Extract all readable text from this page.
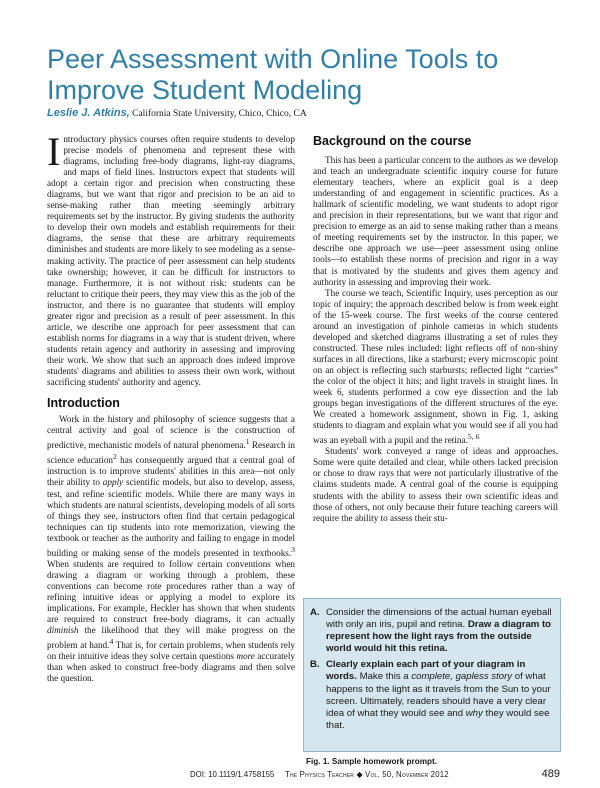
Peer Assessment with Online Tools to Improve Student Modeling
Leslie J. Atkins, California State University, Chico, Chico, CA

Introductory physics courses often require students to develop precise models of phenomena and represent these with diagrams, including free-body diagrams, light-ray diagrams, and maps of field lines. Instructors expect that students will adopt a certain rigor and precision when constructing these diagrams, but we want that rigor and precision to be an aid to sense-making rather than meeting seemingly arbitrary requirements set by the instructor. By giving students the authority to develop their own models and establish requirements for their diagrams, the sense that these are arbitrary requirements diminishes and students are more likely to see modeling as a sense-making activity. The practice of peer assessment can help students take ownership; however, it can be difficult for instructors to manage. Furthermore, it is not without risk: students can be reluctant to critique their peers, they may view this as the job of the instructor, and there is no guarantee that students will employ greater rigor and precision as a result of peer assessment. In this article, we describe one approach for peer assessment that can establish norms for diagrams in a way that is student driven, where students retain agency and authority in assessing and improving their work. We show that such an approach does indeed improve students' diagrams and abilities to assess their own work, without sacrificing students' authority and agency.

Introduction

Work in the history and philosophy of science suggests that a central activity and goal of science is the construction of predictive, mechanistic models of natural phenomena.$^1$ Research in science education$^2$ has consequently argued that a central goal of instruction is to improve students' abilities in this area—not only their ability to apply scientific models, but also to develop, assess, test, and refine scientific models. While there are many ways in which students are natural scientists, developing models of all sorts of things they see, instructors often find that certain pedagogical techniques can tip students into rote memorization, viewing the textbook or teacher as the authority and failing to engage in model building or making sense of the models presented in textbooks.$^3$ When students are required to follow certain conventions when drawing a diagram or working through a problem, these conventions can become rote procedures rather than a way of refining intuitive ideas or applying a model to explore its implications. For example, Heckler has shown that when students are required to construct free-body diagrams, it can actually diminish the likelihood that they will make progress on the problem at hand.$^4$ That is, for certain problems, when students rely on their intuitive ideas they solve certain questions more accurately than when asked to construct free-body diagrams and then solve the question.

Background on the course

This has been a particular concern to the authors as we develop and teach an undergraduate scientific inquiry course for future elementary teachers, where an explicit goal is a deep understanding of and engagement in scientific practices. As a hallmark of scientific modeling, we want students to adopt rigor and precision in their representations, but we want that rigor and precision to emerge as an aid to sense making rather than a means of meeting requirements set by the instructor. In this paper, we describe one approach we use—peer assessment using online tools—to establish these norms of precision and rigor in a way that is motivated by the students and gives them agency and authority in assessing and improving their work.

The course we teach, Scientific Inquiry, uses perception as our topic of inquiry; the approach described below is from week eight of the 15-week course. The first weeks of the course centered around an investigation of pinhole cameras in which students developed and sketched diagrams illustrating a set of rules they constructed. These rules included: light reflects off of non-shiny surfaces in all directions, like a starburst; every microscopic point on an object is reflecting such starbursts; reflected light “carries” the color of the object it hits; and light travels in straight lines. In week 6, students performed a cow eye dissection and the lab groups began investigations of the different structures of the eye. We created a homework assignment, shown in Fig. 1, asking students to diagram and explain what you would see if all you had was an eyeball with a pupil and the retina.$^{5, 6}$

Students' work conveyed a range of ideas and approaches. Some were quite detailed and clear, while others lacked precision or chose to draw rays that were not particularly illustrative of the claims students made. A central goal of the course is equipping students with the ability to assess their own scientific ideas and those of others, not only because their future teaching careers will require the ability to assess their stu-

A. Consider the dimensions of the actual human eyeball with only an iris, pupil and retina. Draw a diagram to represent how the light rays from the outside world would hit this retina.
B. Clearly explain each part of your diagram in words. Make this a complete, gapless story of what happens to the light as it travels from the Sun to your screen. Ultimately, readers should have a very clear idea of what they would see and why they would see that.
Fig. 1. Sample homework prompt.
DOI: 10.1119/1.4758155 The Physics Teacher ◆ Vol. 50, November 2012	489
